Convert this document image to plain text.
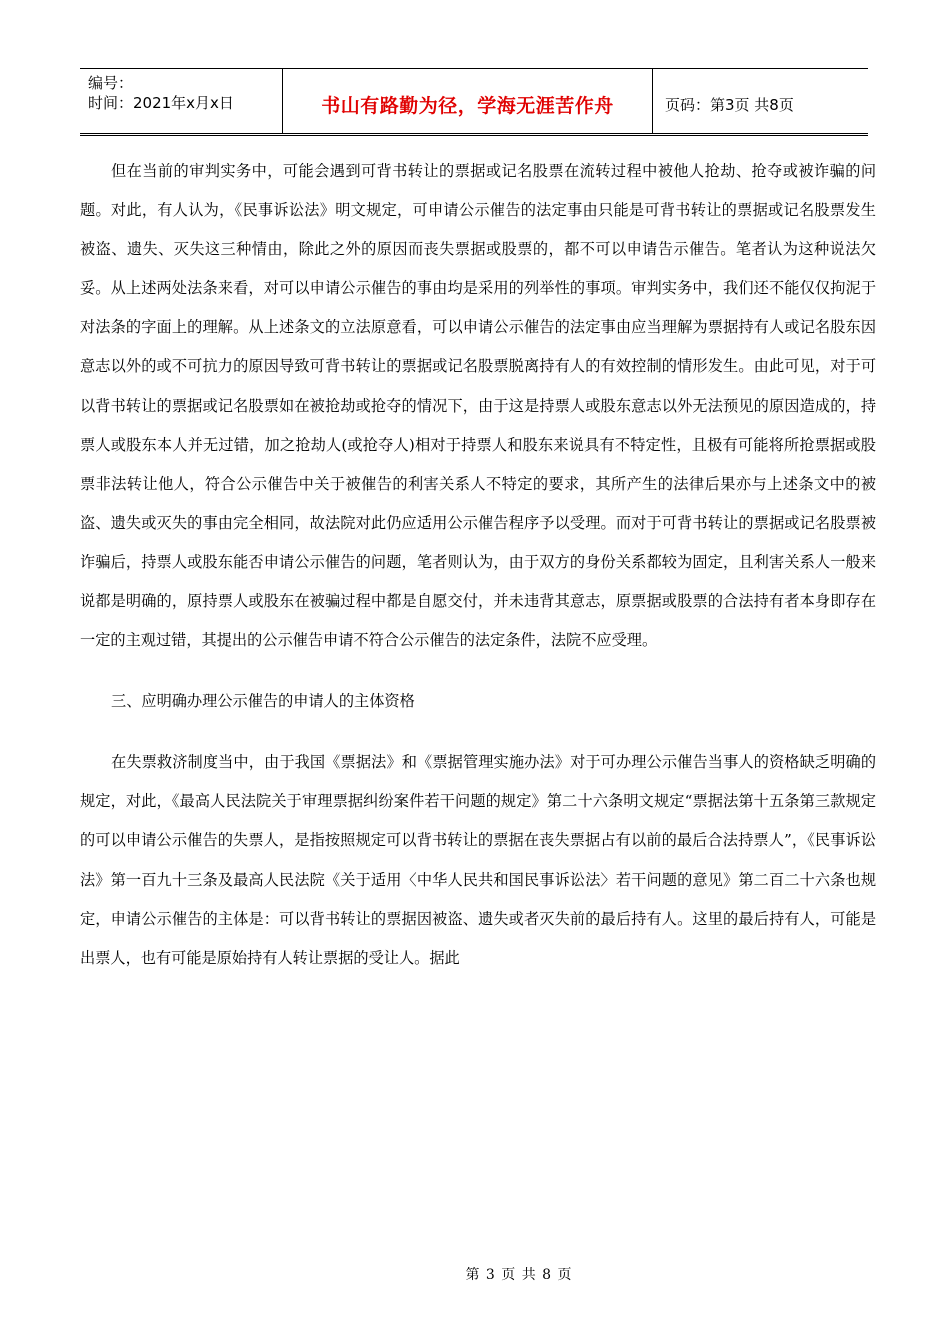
编号：
时间：2021年x月x日	书山有路勤为径，学海无涯苦作舟	页码：第3页 共8页

但在当前的审判实务中，可能会遇到可背书转让的票据或记名股票在流转过程中被他人抢劫、抢夺或被诈骗的问题。对此，有人认为，《民事诉讼法》明文规定，可申请公示催告的法定事由只能是可背书转让的票据或记名股票发生被盗、遗失、灭失这三种情由，除此之外的原因而丧失票据或股票的，都不可以申请告示催告。笔者认为这种说法欠妥。从上述两处法条来看，对可以申请公示催告的事由均是采用的列举性的事项。审判实务中，我们还不能仅仅拘泥于对法条的字面上的理解。从上述条文的立法原意看，可以申请公示催告的法定事由应当理解为票据持有人或记名股东因意志以外的或不可抗力的原因导致可背书转让的票据或记名股票脱离持有人的有效控制的情形发生。由此可见，对于可以背书转让的票据或记名股票如在被抢劫或抢夺的情况下，由于这是持票人或股东意志以外无法预见的原因造成的，持票人或股东本人并无过错，加之抢劫人(或抢夺人)相对于持票人和股东来说具有不特定性，且极有可能将所抢票据或股票非法转让他人，符合公示催告中关于被催告的利害关系人不特定的要求，其所产生的法律后果亦与上述条文中的被盗、遗失或灭失的事由完全相同，故法院对此仍应适用公示催告程序予以受理。而对于可背书转让的票据或记名股票被诈骗后，持票人或股东能否申请公示催告的问题，笔者则认为，由于双方的身份关系都较为固定，且利害关系人一般来说都是明确的，原持票人或股东在被骗过程中都是自愿交付，并未违背其意志，原票据或股票的合法持有者本身即存在一定的主观过错，其提出的公示催告申请不符合公示催告的法定条件，法院不应受理。

三、应明确办理公示催告的申请人的主体资格

在失票救济制度当中，由于我国《票据法》和《票据管理实施办法》对于可办理公示催告当事人的资格缺乏明确的规定，对此，《最高人民法院关于审理票据纠纷案件若干问题的规定》第二十六条明文规定“票据法第十五条第三款规定的可以申请公示催告的失票人，是指按照规定可以背书转让的票据在丧失票据占有以前的最后合法持票人”，《民事诉讼法》第一百九十三条及最高人民法院《关于适用〈中华人民共和国民事诉讼法〉若干问题的意见》第二百二十六条也规定，申请公示催告的主体是：可以背书转让的票据因被盗、遗失或者灭失前的最后持有人。这里的最后持有人，可能是出票人，也有可能是原始持有人转让票据的受让人。据此

第 3 页 共 8 页
